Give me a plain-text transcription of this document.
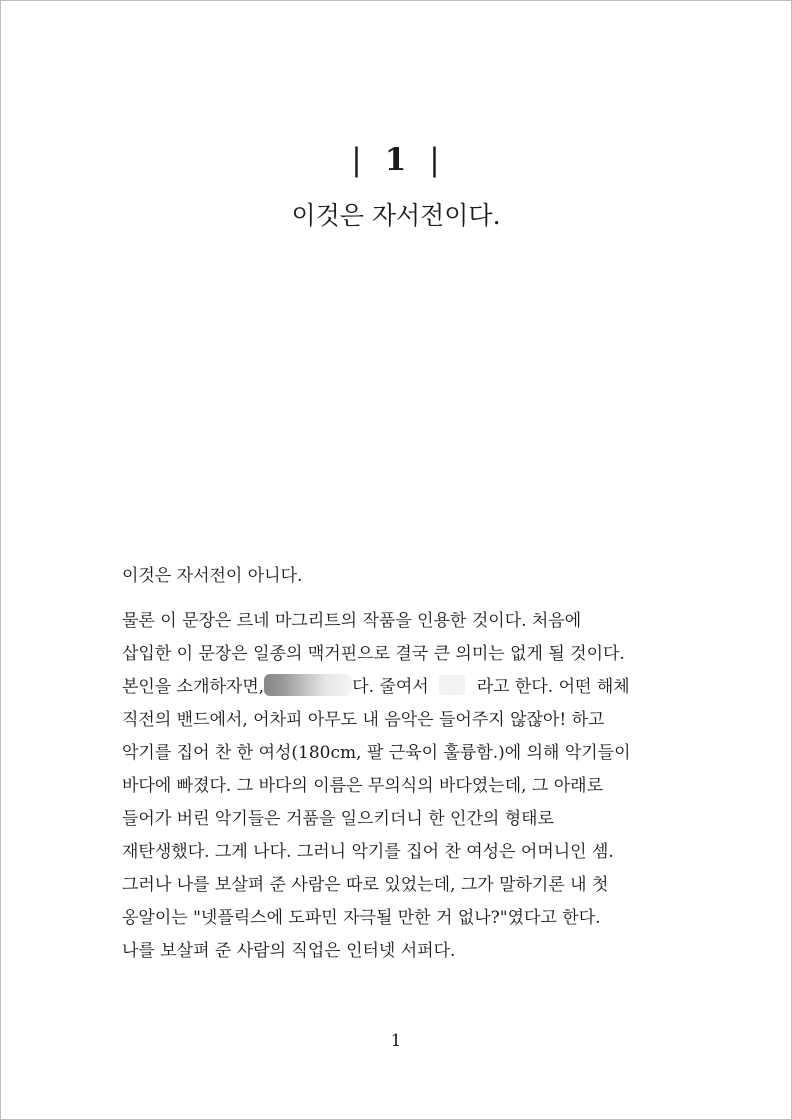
| 1 |
이것은 자서전이다.

이것은 자서전이 아니다.

물론 이 문장은 르네 마그리트의 작품을 인용한 것이다. 처음에
삽입한 이 문장은 일종의 맥거핀으로 결국 큰 의미는 없게 될 것이다.
본인을 소개하자면,	다. 줄여서	라고 한다. 어떤 해체
직전의 밴드에서, 어차피 아무도 내 음악은 들어주지 않잖아! 하고
악기를 집어 찬 한 여성(180cm, 팔 근육이 훌륭함.)에 의해 악기들이
바다에 빠졌다. 그 바다의 이름은 무의식의 바다였는데, 그 아래로
들어가 버린 악기들은 거품을 일으키더니 한 인간의 형태로
재탄생했다. 그게 나다. 그러니 악기를 집어 찬 여성은 어머니인 셈.
그러나 나를 보살펴 준 사람은 따로 있었는데, 그가 말하기론 내 첫
옹알이는 "넷플릭스에 도파민 자극될 만한 거 없나?"였다고 한다.
나를 보살펴 준 사람의 직업은 인터넷 서퍼다.

1
